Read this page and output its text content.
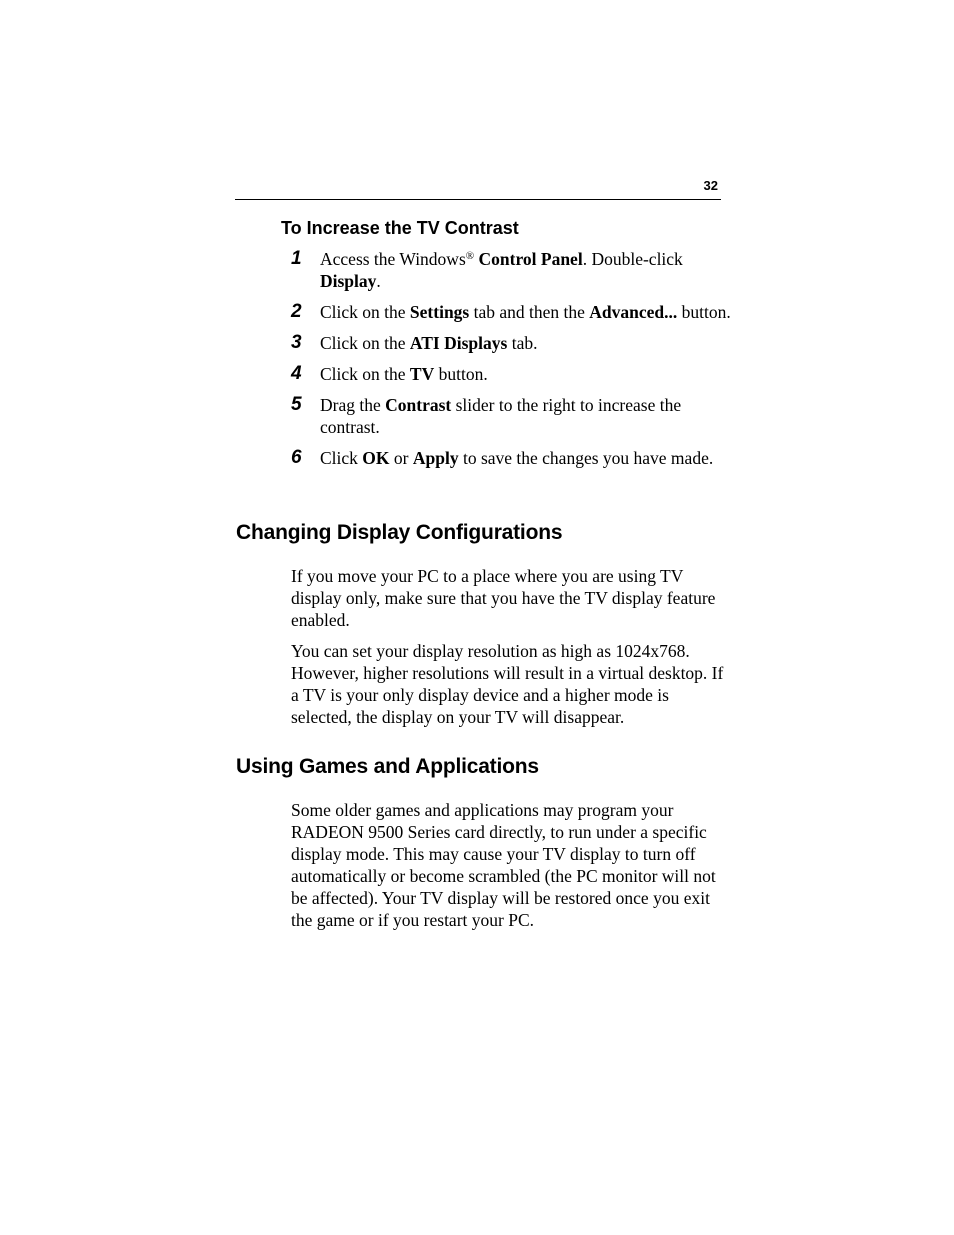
32
To Increase the TV Contrast
1 Access the Windows® Control Panel. Double-click Display.
2 Click on the Settings tab and then the Advanced... button.
3 Click on the ATI Displays tab.
4 Click on the TV button.
5 Drag the Contrast slider to the right to increase the contrast.
6 Click OK or Apply to save the changes you have made.
Changing Display Configurations

If you move your PC to a place where you are using TV display only, make sure that you have the TV display feature enabled.

You can set your display resolution as high as 1024x768. However, higher resolutions will result in a virtual desktop. If a TV is your only display device and a higher mode is selected, the display on your TV will disappear.

Using Games and Applications

Some older games and applications may program your RADEON 9500 Series card directly, to run under a specific display mode. This may cause your TV display to turn off automatically or become scrambled (the PC monitor will not be affected). Your TV display will be restored once you exit the game or if you restart your PC.
